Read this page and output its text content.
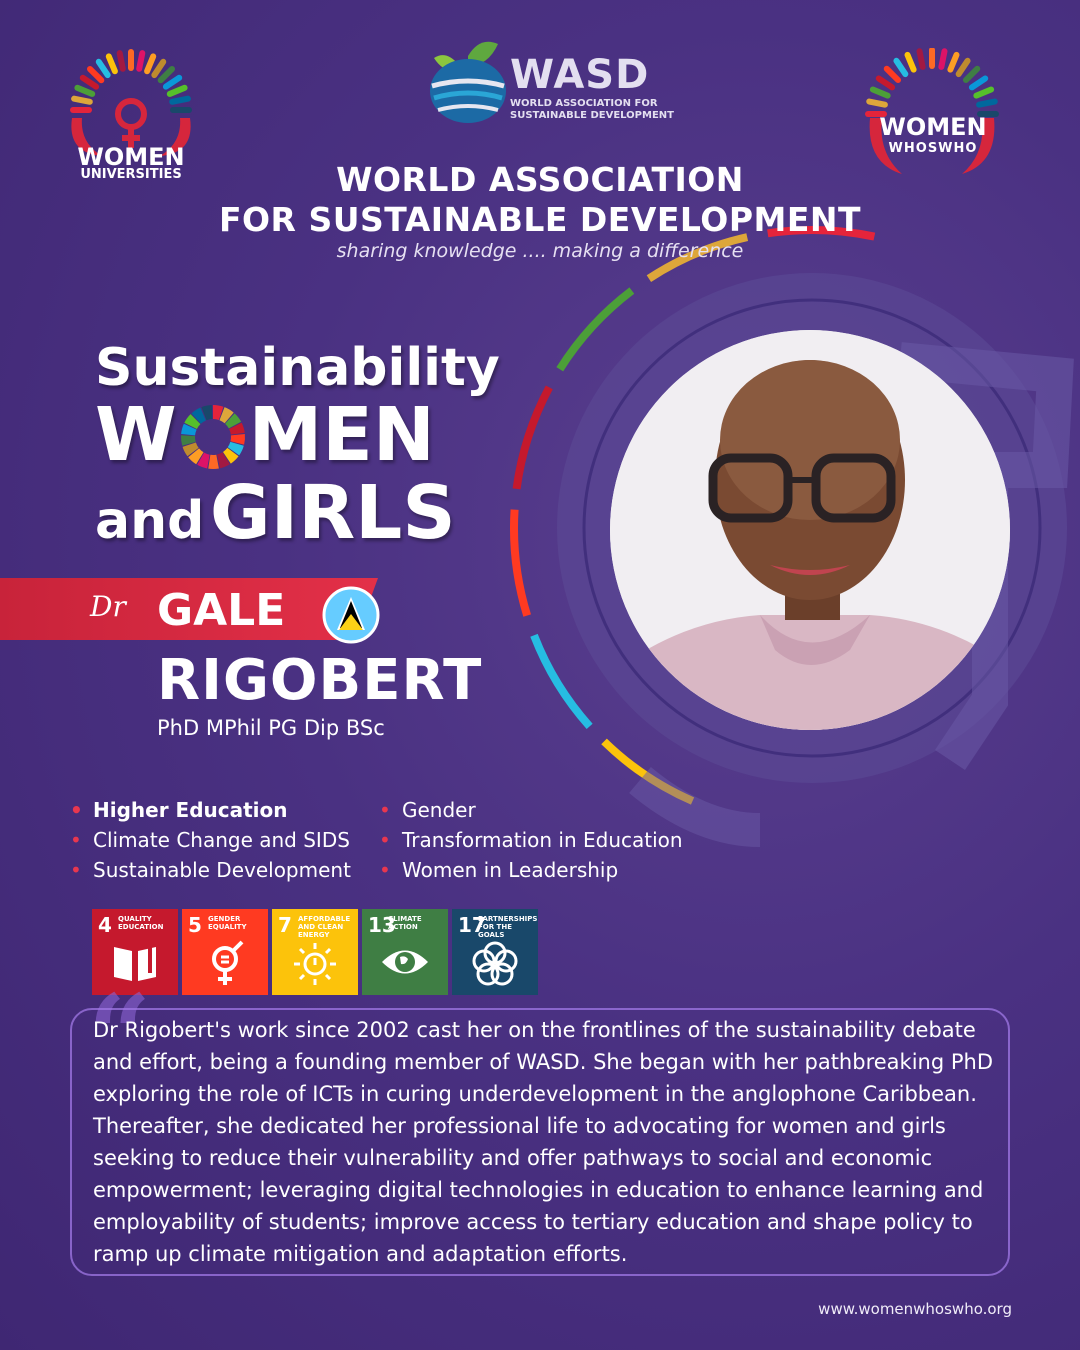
WOMEN
UNIVERSITIES
WASD
WORLD ASSOCIATION FOR
SUSTAINABLE DEVELOPMENT	WOMEN
WHOSWHO
WORLD ASSOCIATION
FOR SUSTAINABLE DEVELOPMENT
sharing knowledge .... making a difference
Sustainability
W MEN
and GIRLS
Dr GALE
RIGOBERT
PhD MPhil PG Dip BSc
• Higher Education
• Climate Change and SIDS
• Sustainable Development
• Gender
• Transformation in Education
• Women in Leadership
4 QUALITY EDUCATION	5 GENDER EQUALITY	7 AFFORDABLE AND CLEAN ENERGY	13
CLIMATE ACTION	17
PARTNERSHIPS FOR THE GOALS
“
Dr Rigobert's work since 2002 cast her on the frontlines of the sustainability debate and effort, being a founding member of WASD. She began with her pathbreaking PhD exploring the role of ICTs in curing underdevelopment in the anglophone Caribbean. Thereafter, she dedicated her professional life to advocating for women and girls seeking to reduce their vulnerability and offer pathways to social and economic empowerment; leveraging digital technologies in education to enhance learning and employability of students; improve access to tertiary education and shape policy to ramp up climate mitigation and adaptation efforts.
www.womenwhoswho.org
